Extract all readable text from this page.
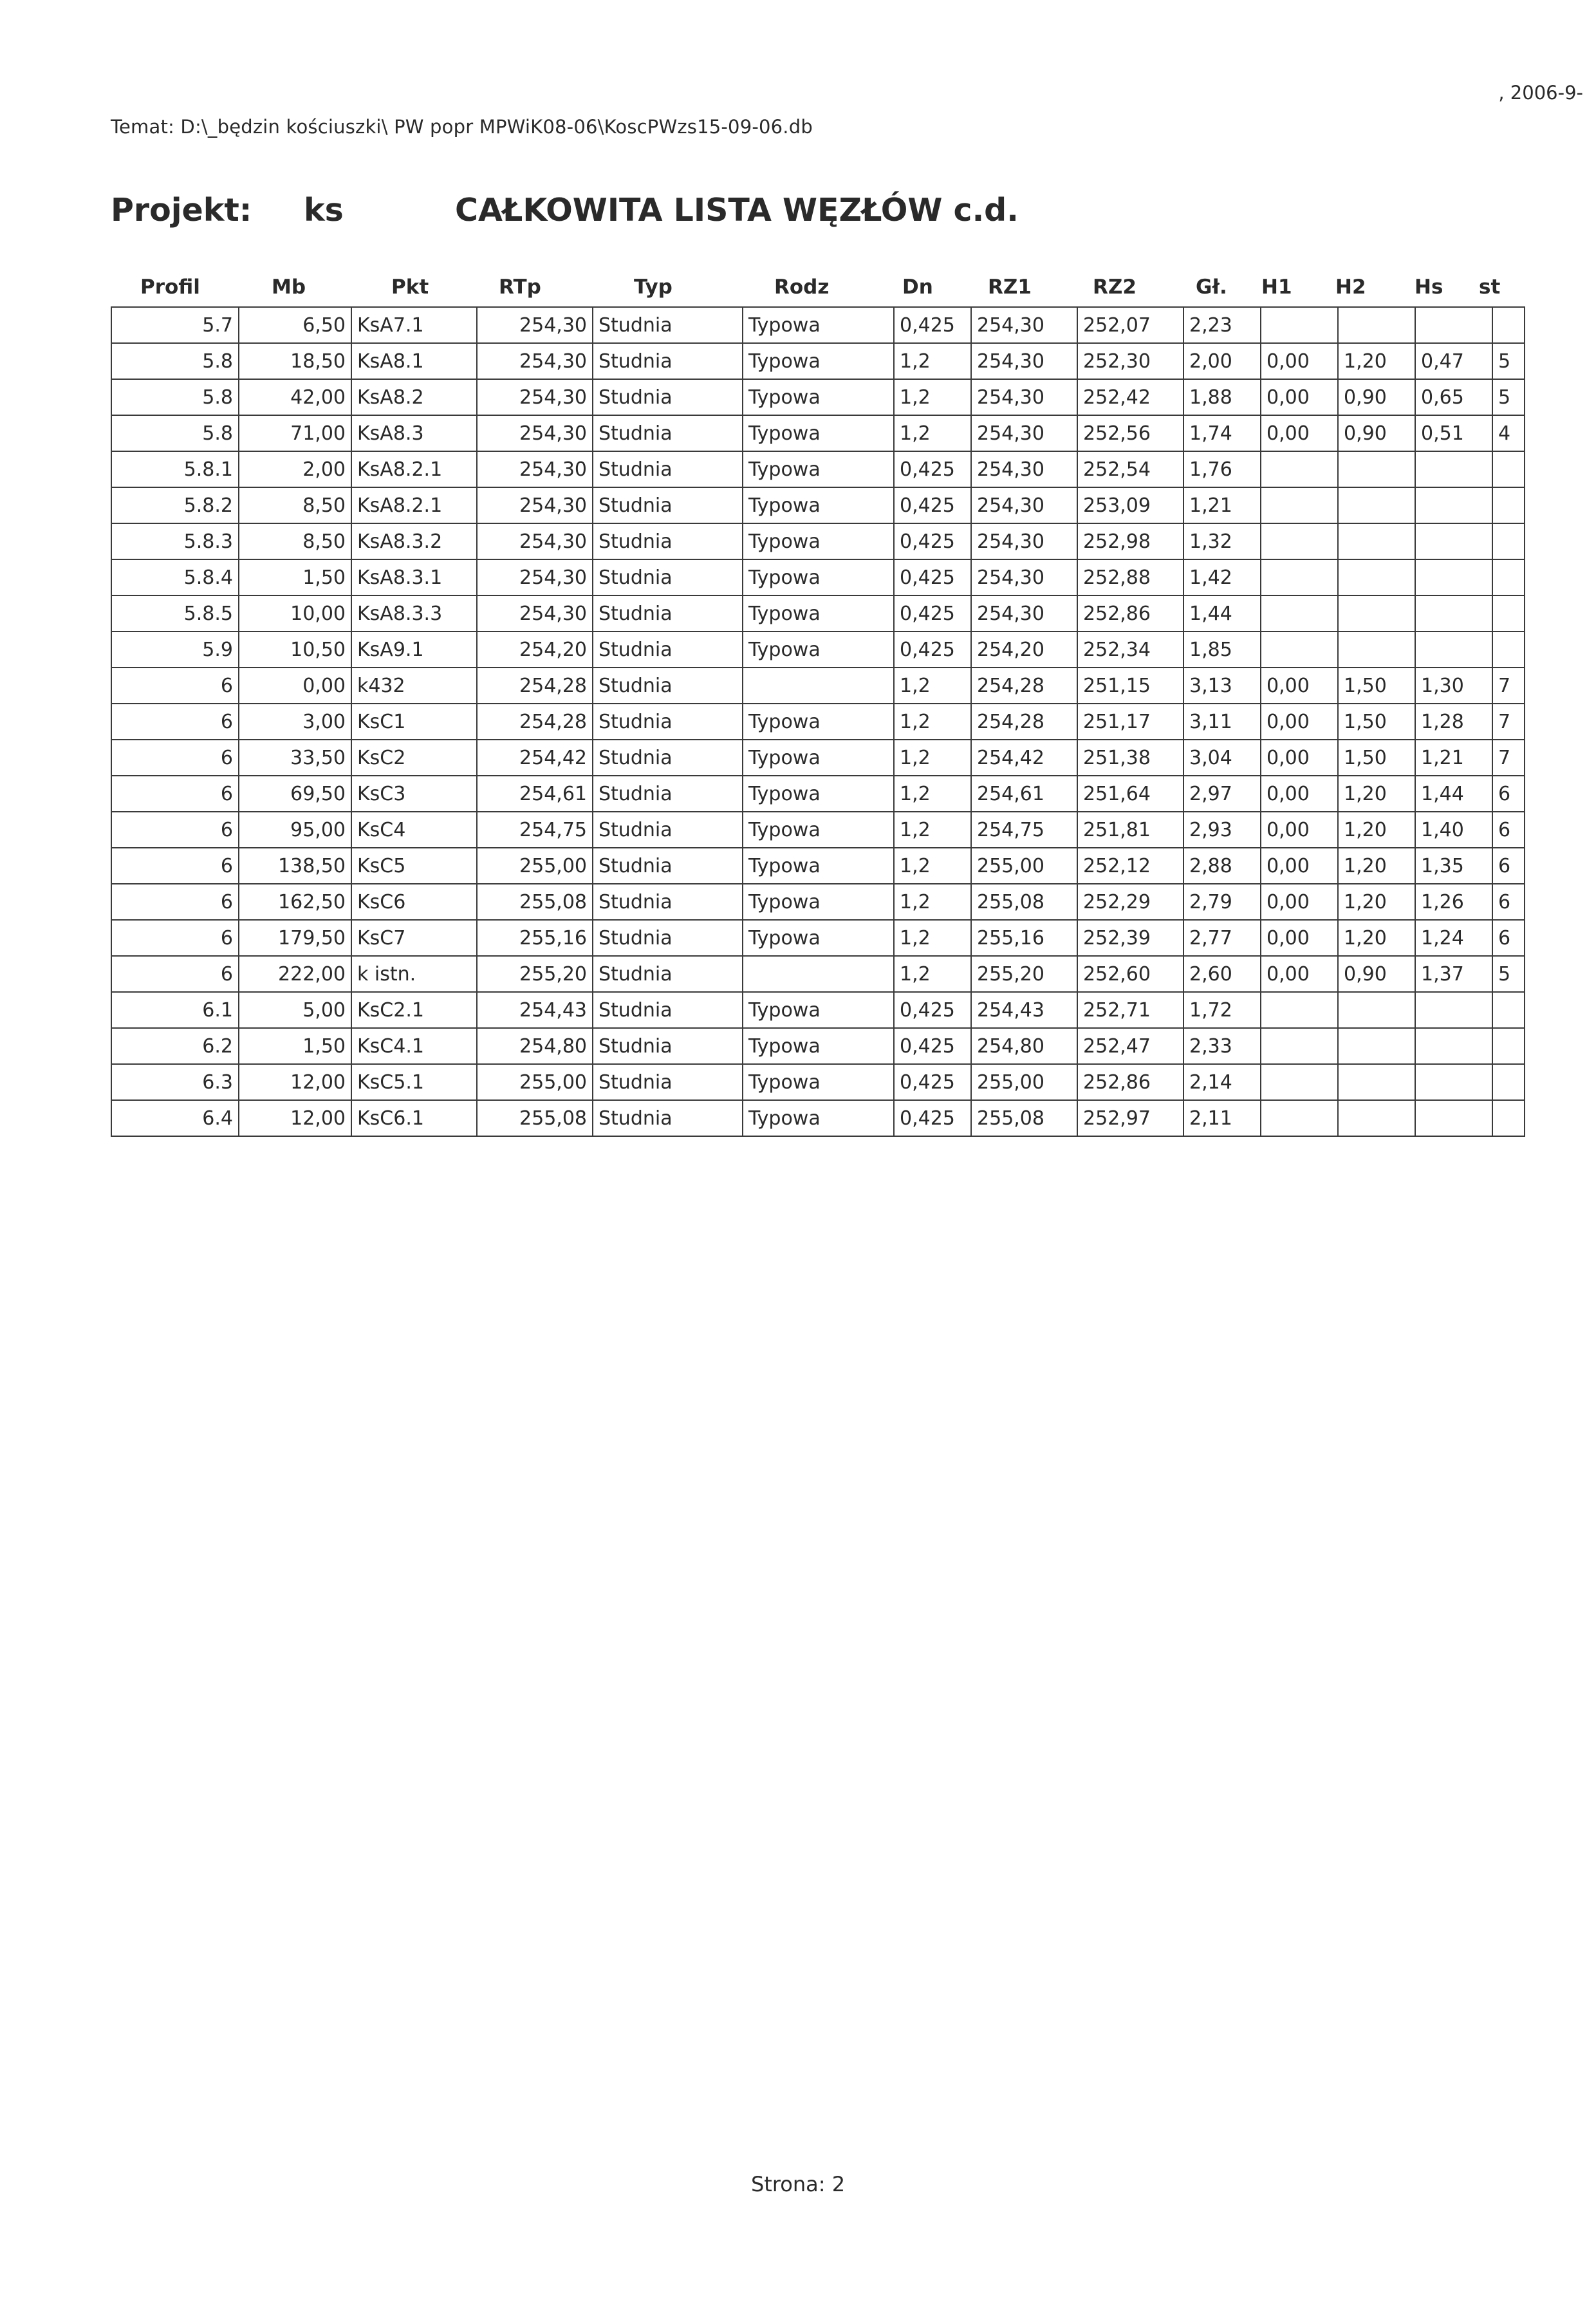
Temat: D:\_będzin kościuszki\ PW popr MPWiK08-06\KoscPWzs15-09-06.db
, 2006-9-
Projekt: ks	CAŁKOWITA LISTA WĘZŁÓW c.d.
Profil	Mb	Pkt	RTp	Typ	Rodz	Dn	RZ1	RZ2	Gł. H1 H2 Hs st
5.7	6,50	KsA7.1	254,30	Studnia	Typowa	0,425	254,30	252,07	2,23				
5.8	18,50	KsA8.1	254,30	Studnia	Typowa	1,2	254,30	252,30	2,00	0,00	1,20	0,47	5
5.8	42,00	KsA8.2	254,30	Studnia	Typowa	1,2	254,30	252,42	1,88	0,00	0,90	0,65	5
5.8	71,00	KsA8.3	254,30	Studnia	Typowa	1,2	254,30	252,56	1,74	0,00	0,90	0,51	4
5.8.1	2,00	KsA8.2.1	254,30	Studnia	Typowa	0,425	254,30	252,54	1,76				
5.8.2	8,50	KsA8.2.1	254,30	Studnia	Typowa	0,425	254,30	253,09	1,21				
5.8.3	8,50	KsA8.3.2	254,30	Studnia	Typowa	0,425	254,30	252,98	1,32				
5.8.4	1,50	KsA8.3.1	254,30	Studnia	Typowa	0,425	254,30	252,88	1,42				
5.8.5	10,00	KsA8.3.3	254,30	Studnia	Typowa	0,425	254,30	252,86	1,44				
5.9	10,50	KsA9.1	254,20	Studnia	Typowa	0,425	254,20	252,34	1,85				
6	0,00	k432	254,28	Studnia		1,2	254,28	251,15	3,13	0,00	1,50	1,30	7
6	3,00	KsC1	254,28	Studnia	Typowa	1,2	254,28	251,17	3,11	0,00	1,50	1,28	7
6	33,50	KsC2	254,42	Studnia	Typowa	1,2	254,42	251,38	3,04	0,00	1,50	1,21	7
6	69,50	KsC3	254,61	Studnia	Typowa	1,2	254,61	251,64	2,97	0,00	1,20	1,44	6
6	95,00	KsC4	254,75	Studnia	Typowa	1,2	254,75	251,81	2,93	0,00	1,20	1,40	6
6	138,50	KsC5	255,00	Studnia	Typowa	1,2	255,00	252,12	2,88	0,00	1,20	1,35	6
6	162,50	KsC6	255,08	Studnia	Typowa	1,2	255,08	252,29	2,79	0,00	1,20	1,26	6
6	179,50	KsC7	255,16	Studnia	Typowa	1,2	255,16	252,39	2,77	0,00	1,20	1,24	6
6	222,00	k istn.	255,20	Studnia		1,2	255,20	252,60	2,60	0,00	0,90	1,37	5
6.1	5,00	KsC2.1	254,43	Studnia	Typowa	0,425	254,43	252,71	1,72				
6.2	1,50	KsC4.1	254,80	Studnia	Typowa	0,425	254,80	252,47	2,33				
6.3	12,00	KsC5.1	255,00	Studnia	Typowa	0,425	255,00	252,86	2,14				
6.4	12,00	KsC6.1	255,08	Studnia	Typowa	0,425	255,08	252,97	2,11				
Strona: 2
